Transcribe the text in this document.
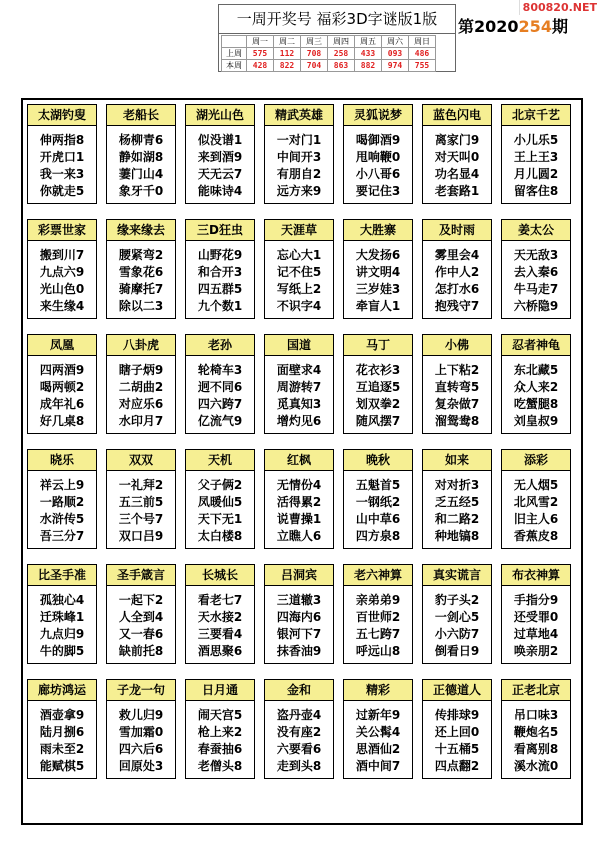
一周开奖号 福彩3D字谜版1版
	周一	周二	周三	周四	周五	周六	周日
上周	575	112	708	258	433	093	486
本周	428	822	704	863	882	974	755
第2020254期
800820.NET
太湖钓叟
伸两指8
开虎口1
我一来3
你就走5
老船长
杨柳青6
静如湖8
萋门山4
象牙千0
湖光山色
似没谱1
来到酒9
天无云7
能味诗4
精武英雄
一对门1
中间开3
有朋自2
远方来9
灵狐说梦
喝御酒9
甩响鞭0
小八哥6
要记住3
蓝色闪电
离家门9
对天叫0
功名显4
老套路1
北京千艺
小儿乐5
王上王3
月儿圆2
留客住8
彩票世家
搬到川7
九点六9
光山色0
来生缘4
缘来缘去
腰紧弯2
雪象花6
骑摩托7
除以二3
三D狂虫
山野花9
和合开3
四五群5
九个数1
天涯草
忘心大1
记不住5
写纸上2
不识字4
大胜寨
大发扬6
讲文明4
三岁娃3
牵盲人1
及时雨
雾里会4
作中人2
怎打水6
抱残守7
姜太公
天无敌3
去入秦6
牛马走7
六桥隐9
凤凰
四两酒9
喝两顿2
成年礼6
好几桌8
八卦虎
瞎子炳9
二胡曲2
对应乐6
水印月7
老孙
轮椅车3
迥不同6
四六跨7
亿流气9
国道
面壁求4
周游转7
觅真知3
增灼见6
马丁
花衣衫3
互追逐5
划双拳2
随风摆7
小佛
上下粘2
直转弯5
复杂做7
溜鸳鸯8
忍者神龟
东北藏5
众人来2
吃蟹腿8
刘皇叔9
晓乐
祥云上9
一路顺2
水浒传5
吾三分7
双双
一礼拜2
五三前5
三个号7
双口吕9
天机
父子俩2
凤暖仙5
天下无1
太白楼8
红枫
无情份4
活得累2
说曹操1
立瞧人6
晚秋
五魁首5
一钢纸2
山中草6
四方泉8
如来
对对折3
乏五经5
和二路2
种地镐8
添彩
无人烟5
北风雪2
旧主人6
香蕉皮8
比圣手准
孤独心4
迁珠峰1
九点归9
牛的脚5
圣手箴言
一起下2
人全到4
又一春6
缺前托8
长城长
看老七7
天水接2
三要看4
酒思聚6
吕洞宾
三道辙3
四海内6
银河下7
抹香油9
老六神算
亲弟弟9
百世师2
五七跨7
呼远山8
真实谎言
豹子头2
一剑心5
小六防7
倒看日9
布衣神算
手指分9
还受罪0
过草地4
唤亲朋2
廊坊鸿运
酒壶拿9
陆月捌6
雨未至2
能赋棋5
子龙一句
救儿归9
雪加霜0
四六后6
回原处3
日月通
闹天宫5
枪上来2
春蚕抽6
老僧头8
金和
盗丹壶4
没有座2
六要看6
走到头8
精彩
过新年9
关公髯4
思酒仙2
酒中间7
正德道人
传排球9
还上回0
十五桶5
四点翻2
正老北京
吊口味3
鞭炮名5
看离别8
溪水流0
